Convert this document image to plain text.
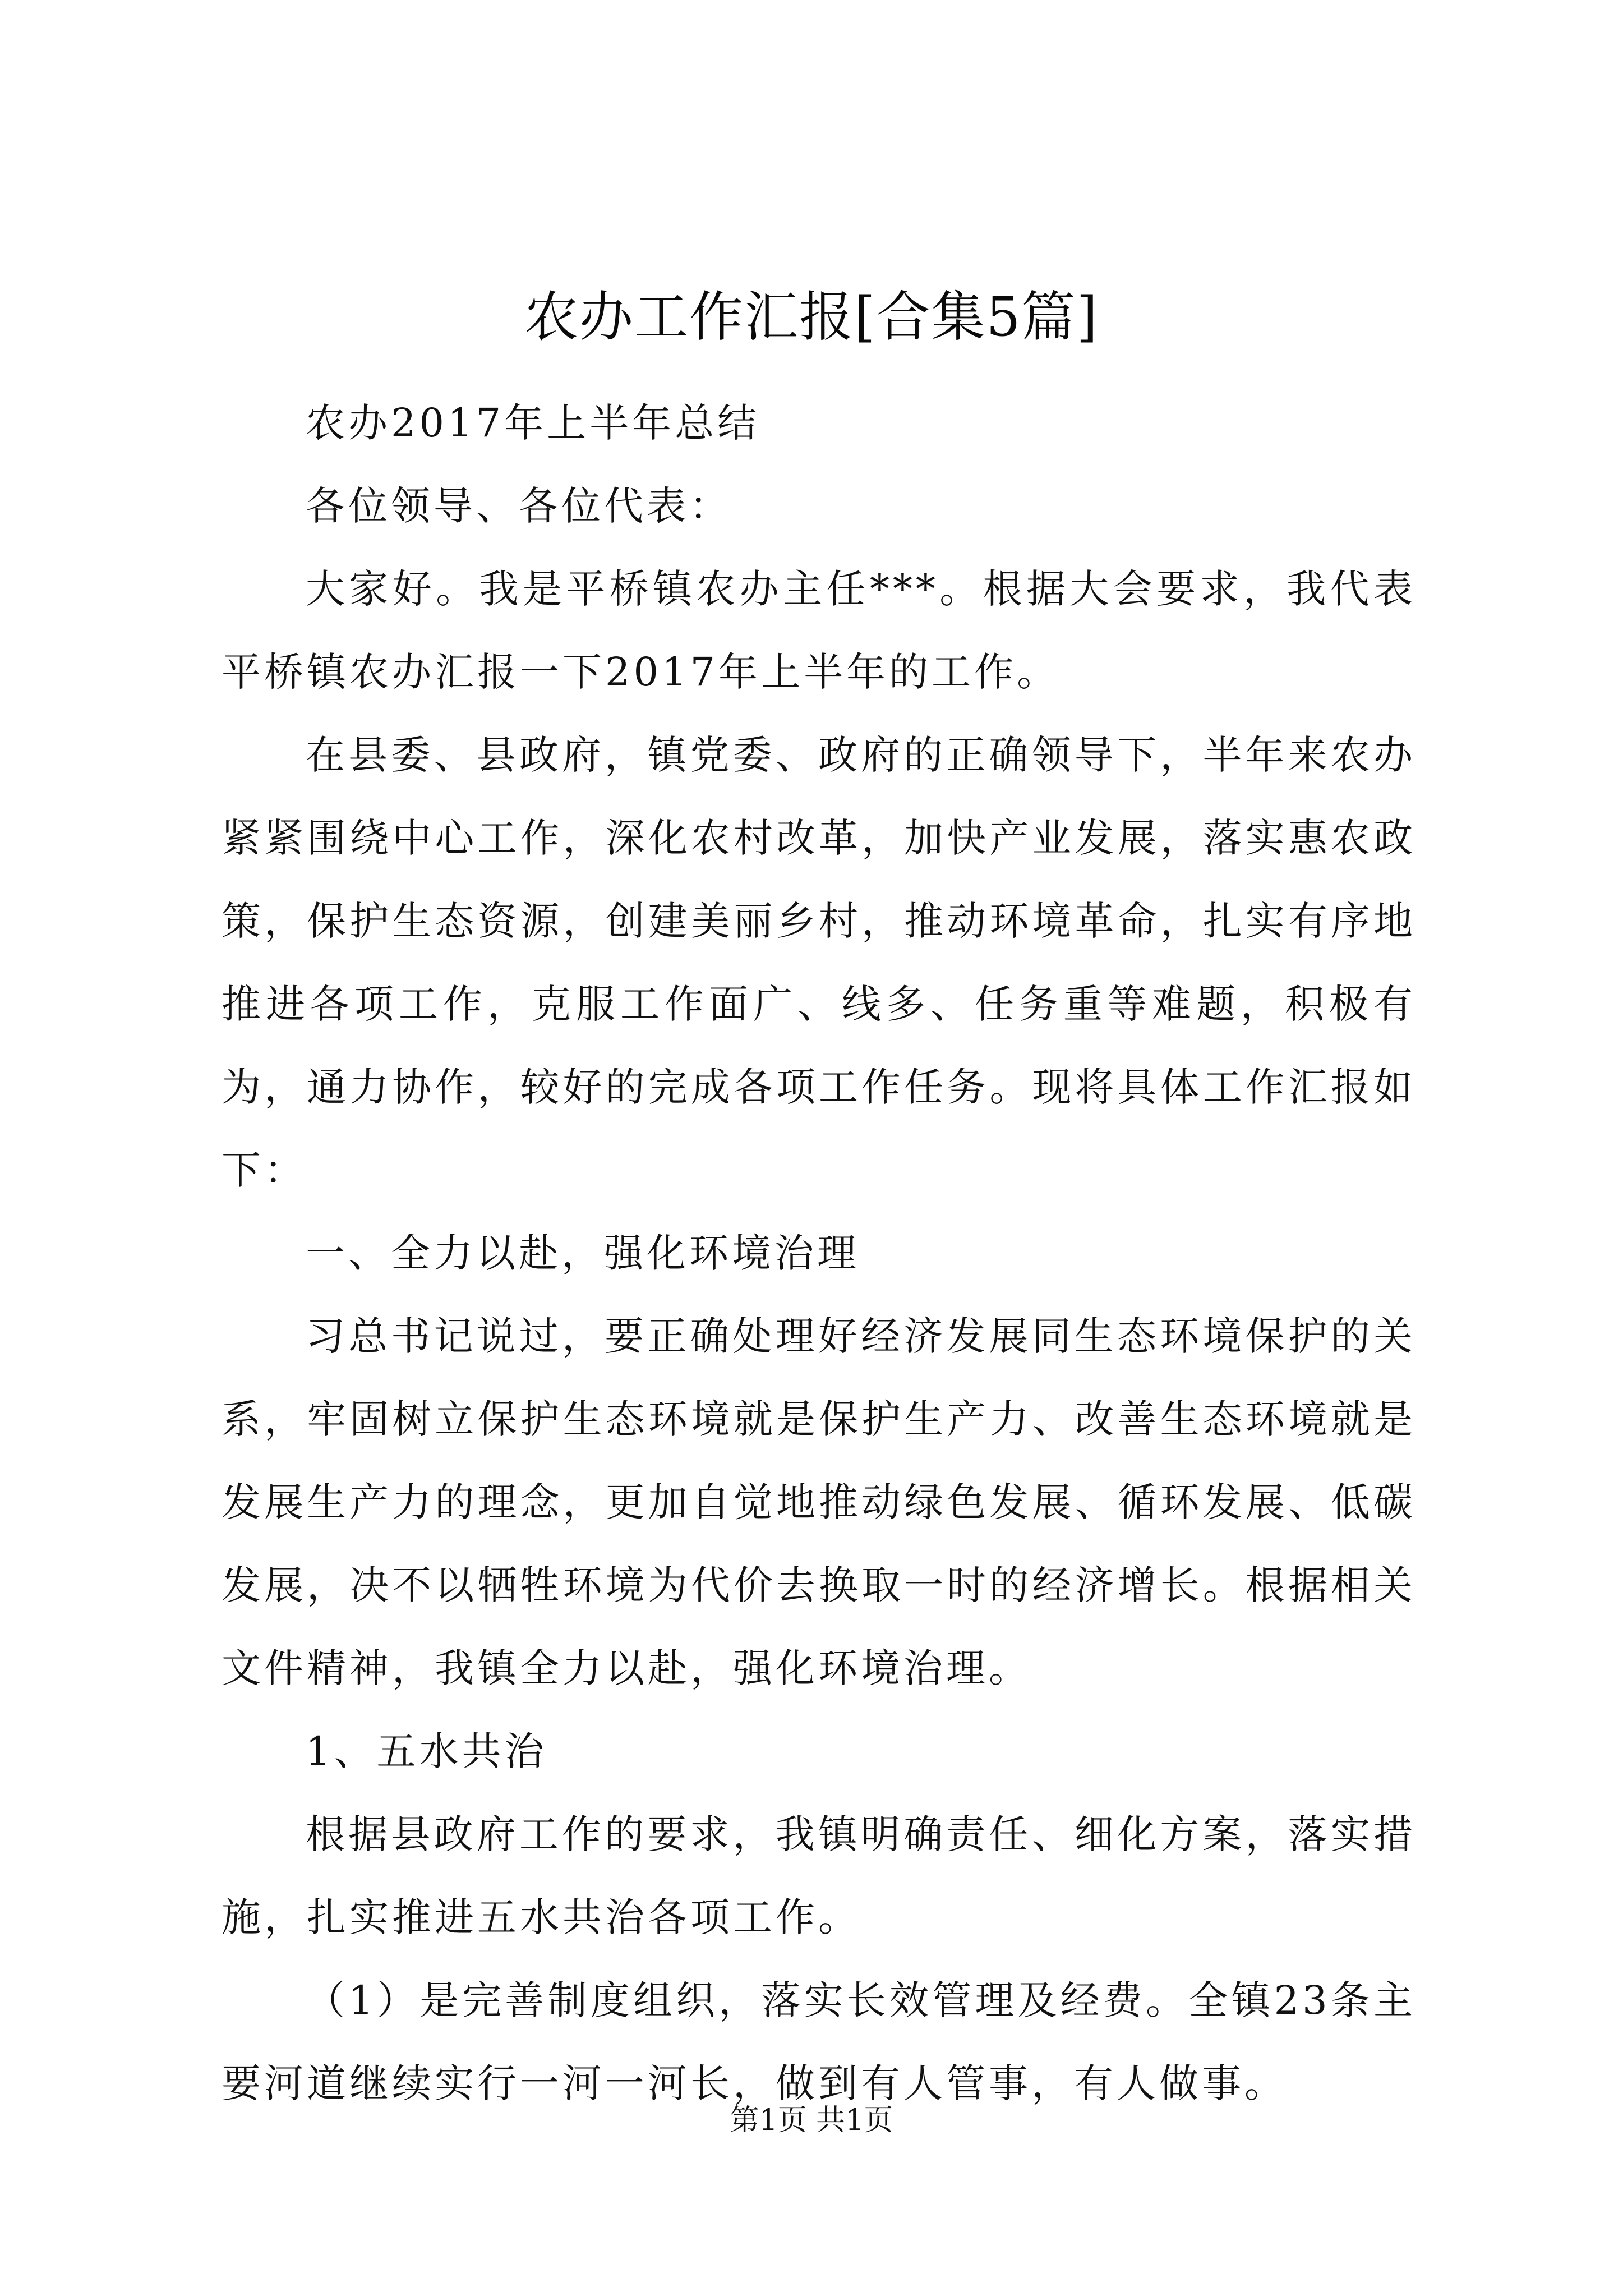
农办工作汇报[合集5篇]

农办2017年上半年总结

各位领导、各位代表：

大家好。我是平桥镇农办主任***。根据大会要求，我代表平桥镇农办汇报一下2017年上半年的工作。

在县委、县政府，镇党委、政府的正确领导下，半年来农办紧紧围绕中心工作，深化农村改革，加快产业发展，落实惠农政策，保护生态资源，创建美丽乡村，推动环境革命，扎实有序地推进各项工作，克服工作面广、线多、任务重等难题，积极有为，通力协作，较好的完成各项工作任务。现将具体工作汇报如下：

一、全力以赴，强化环境治理

习总书记说过，要正确处理好经济发展同生态环境保护的关系，牢固树立保护生态环境就是保护生产力、改善生态环境就是发展生产力的理念，更加自觉地推动绿色发展、循环发展、低碳发展，决不以牺牲环境为代价去换取一时的经济增长。根据相关文件精神，我镇全力以赴，强化环境治理。

1、五水共治

根据县政府工作的要求，我镇明确责任、细化方案，落实措施，扎实推进五水共治各项工作。

（1）是完善制度组织，落实长效管理及经费。全镇23条主要河道继续实行一河一河长，做到有人管事，有人做事。

第1页 共1页
